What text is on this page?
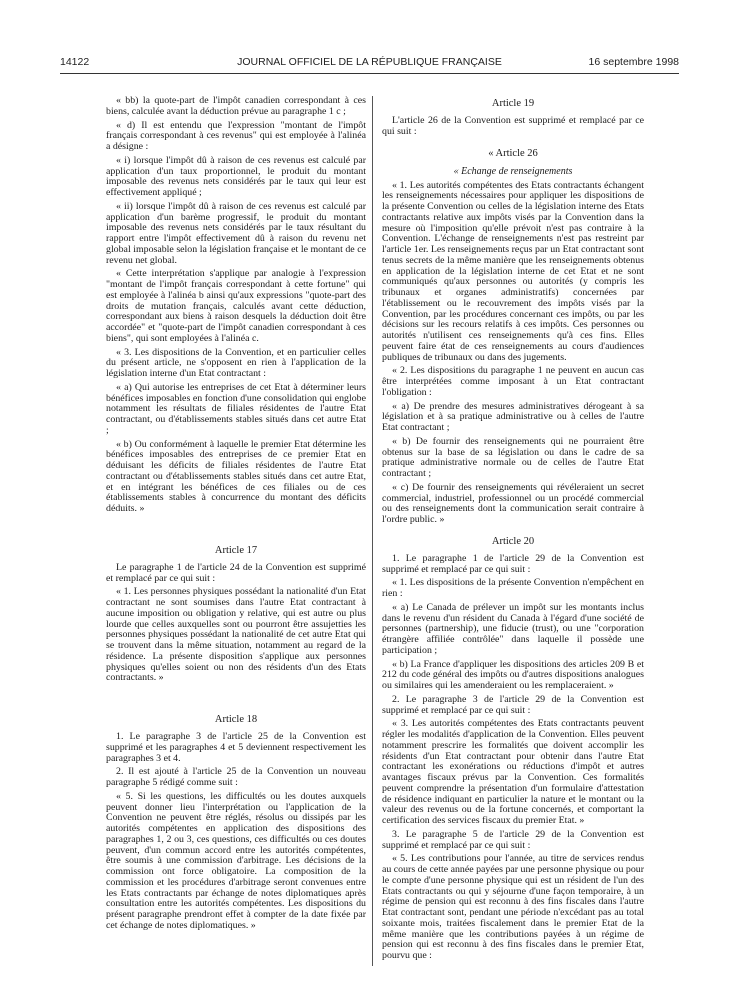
14122	JOURNAL OFFICIEL DE LA RÉPUBLIQUE FRANÇAISE	16 septembre 1998

« bb) la quote-part de l'impôt canadien correspondant à ces biens, calculée avant la déduction prévue au paragraphe 1 c ;

« d) Il est entendu que l'expression "montant de l'impôt français correspondant à ces revenus" qui est employée à l'alinéa a désigne :

« i) lorsque l'impôt dû à raison de ces revenus est calculé par application d'un taux proportionnel, le produit du montant imposable des revenus nets considérés par le taux qui leur est effectivement appliqué ;

« ii) lorsque l'impôt dû à raison de ces revenus est calculé par application d'un barème progressif, le produit du montant imposable des revenus nets considérés par le taux résultant du rapport entre l'impôt effectivement dû à raison du revenu net global imposable selon la législation française et le montant de ce revenu net global.

« Cette interprétation s'applique par analogie à l'expression "montant de l'impôt français correspondant à cette fortune" qui est employée à l'alinéa b ainsi qu'aux expressions "quote-part des droits de mutation français, calculés avant cette déduction, correspondant aux biens à raison desquels la déduction doit être accordée" et "quote-part de l'impôt canadien correspondant à ces biens", qui sont employées à l'alinéa c.

« 3. Les dispositions de la Convention, et en particulier celles du présent article, ne s'opposent en rien à l'application de la législation interne d'un Etat contractant :

« a) Qui autorise les entreprises de cet Etat à déterminer leurs bénéfices imposables en fonction d'une consolidation qui englobe notamment les résultats de filiales résidentes de l'autre Etat contractant, ou d'établissements stables situés dans cet autre Etat ;

« b) Ou conformément à laquelle le premier Etat détermine les bénéfices imposables des entreprises de ce premier Etat en déduisant les déficits de filiales résidentes de l'autre Etat contractant ou d'établissements stables situés dans cet autre Etat, et en intégrant les bénéfices de ces filiales ou de ces établissements stables à concurrence du montant des déficits déduits. »

Article 17

Le paragraphe 1 de l'article 24 de la Convention est supprimé et remplacé par ce qui suit :

« 1. Les personnes physiques possédant la nationalité d'un Etat contractant ne sont soumises dans l'autre Etat contractant à aucune imposition ou obligation y relative, qui est autre ou plus lourde que celles auxquelles sont ou pourront être assujetties les personnes physiques possédant la nationalité de cet autre Etat qui se trouvent dans la même situation, notamment au regard de la résidence. La présente disposition s'applique aux personnes physiques qu'elles soient ou non des résidents d'un des Etats contractants. »

Article 18

1. Le paragraphe 3 de l'article 25 de la Convention est supprimé et les paragraphes 4 et 5 deviennent respectivement les paragraphes 3 et 4.

2. Il est ajouté à l'article 25 de la Convention un nouveau paragraphe 5 rédigé comme suit :

« 5. Si les questions, les difficultés ou les doutes auxquels peuvent donner lieu l'interprétation ou l'application de la Convention ne peuvent être réglés, résolus ou dissipés par les autorités compétentes en application des dispositions des paragraphes 1, 2 ou 3, ces questions, ces difficultés ou ces doutes peuvent, d'un commun accord entre les autorités compétentes, être soumis à une commission d'arbitrage. Les décisions de la commission ont force obligatoire. La composition de la commission et les procédures d'arbitrage seront convenues entre les Etats contractants par échange de notes diplomatiques après consultation entre les autorités compétentes. Les dispositions du présent paragraphe prendront effet à compter de la date fixée par cet échange de notes diplomatiques. »

Article 19

L'article 26 de la Convention est supprimé et remplacé par ce qui suit :

« Article 26
« Echange de renseignements

« 1. Les autorités compétentes des Etats contractants échangent les renseignements nécessaires pour appliquer les dispositions de la présente Convention ou celles de la législation interne des Etats contractants relative aux impôts visés par la Convention dans la mesure où l'imposition qu'elle prévoit n'est pas contraire à la Convention. L'échange de renseignements n'est pas restreint par l'article 1er. Les renseignements reçus par un Etat contractant sont tenus secrets de la même manière que les renseignements obtenus en application de la législation interne de cet Etat et ne sont communiqués qu'aux personnes ou autorités (y compris les tribunaux et organes administratifs) concernées par l'établissement ou le recouvrement des impôts visés par la Convention, par les procédures concernant ces impôts, ou par les décisions sur les recours relatifs à ces impôts. Ces personnes ou autorités n'utilisent ces renseignements qu'à ces fins. Elles peuvent faire état de ces renseignements au cours d'audiences publiques de tribunaux ou dans des jugements.

« 2. Les dispositions du paragraphe 1 ne peuvent en aucun cas être interprétées comme imposant à un Etat contractant l'obligation :

« a) De prendre des mesures administratives dérogeant à sa législation et à sa pratique administrative ou à celles de l'autre Etat contractant ;

« b) De fournir des renseignements qui ne pourraient être obtenus sur la base de sa législation ou dans le cadre de sa pratique administrative normale ou de celles de l'autre Etat contractant ;

« c) De fournir des renseignements qui révéleraient un secret commercial, industriel, professionnel ou un procédé commercial ou des renseignements dont la communication serait contraire à l'ordre public. »

Article 20

1. Le paragraphe 1 de l'article 29 de la Convention est supprimé et remplacé par ce qui suit :

« 1. Les dispositions de la présente Convention n'empêchent en rien :

« a) Le Canada de prélever un impôt sur les montants inclus dans le revenu d'un résident du Canada à l'égard d'une société de personnes (partnership), une fiducie (trust), ou une "corporation étrangère affiliée contrôlée" dans laquelle il possède une participation ;

« b) La France d'appliquer les dispositions des articles 209 B et 212 du code général des impôts ou d'autres dispositions analogues ou similaires qui les amenderaient ou les remplaceraient. »

2. Le paragraphe 3 de l'article 29 de la Convention est supprimé et remplacé par ce qui suit :

« 3. Les autorités compétentes des Etats contractants peuvent régler les modalités d'application de la Convention. Elles peuvent notamment prescrire les formalités que doivent accomplir les résidents d'un Etat contractant pour obtenir dans l'autre Etat contractant les exonérations ou réductions d'impôt et autres avantages fiscaux prévus par la Convention. Ces formalités peuvent comprendre la présentation d'un formulaire d'attestation de résidence indiquant en particulier la nature et le montant ou la valeur des revenus ou de la fortune concernés, et comportant la certification des services fiscaux du premier Etat. »

3. Le paragraphe 5 de l'article 29 de la Convention est supprimé et remplacé par ce qui suit :

« 5. Les contributions pour l'année, au titre de services rendus au cours de cette année payées par une personne physique ou pour le compte d'une personne physique qui est un résident de l'un des Etats contractants ou qui y séjourne d'une façon temporaire, à un régime de pension qui est reconnu à des fins fiscales dans l'autre Etat contractant sont, pendant une période n'excédant pas au total soixante mois, traitées fiscalement dans le premier Etat de la même manière que les contributions payées à un régime de pension qui est reconnu à des fins fiscales dans le premier Etat, pourvu que :
